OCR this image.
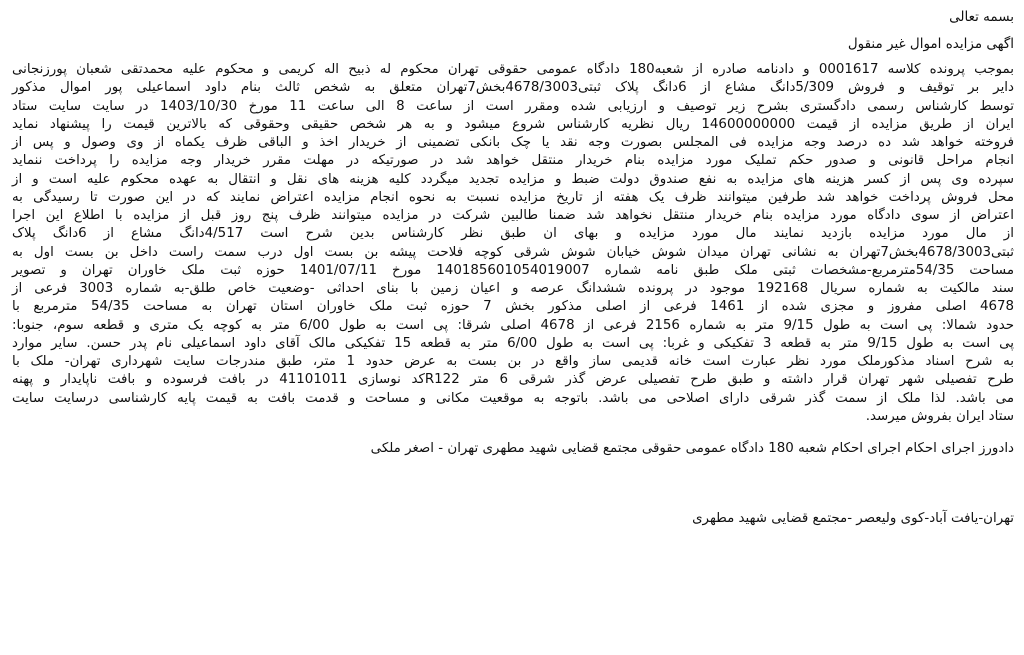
بسمه تعالی
اگهی مزایده اموال غیر منقول
بموجب پرونده کلاسه 0001617 و دادنامه صادره از شعبه180 دادگاه عمومی حقوقی تهران محکوم له ذبیح اله کریمی و محکوم علیه محمدتقی شعبان پورزنجانی
دایر بر توقیف و فروش 5/309دانگ مشاع از 6دانگ پلاک ثبتی4678/3003بخش7تهران متعلق به شخص ثالث بنام داود اسماعیلی پور اموال مذکور
توسط کارشناس رسمی دادگستری بشرح زیر توصیف و ارزیابی شده ومقرر است از ساعت 8 الی ساعت 11 مورخ 1403/10/30 در سایت سایت ستاد
ایران از طریق مزایده از قیمت 14600000000 ریال نظریه کارشناس شروع میشود و به هر شخص حقیقی وحقوقی که بالاترین قیمت را پیشنهاد نماید
فروخته خواهد شد ده درصد وجه مزایده فی المجلس بصورت وجه نقد یا چک بانکی تضمینی از خریدار اخذ و الباقی ظرف یکماه از وی وصول و پس از
انجام مراحل قانونی و صدور حکم تملیک مورد مزایده بنام خریدار منتقل خواهد شد در صورتیکه در مهلت مقرر خریدار وجه مزایده را پرداخت ننماید
سپرده وی پس از کسر هزینه های مزایده به نفع صندوق دولت ضبط و مزایده تجدید میگردد کلیه هزینه های نقل و انتقال به عهده محکوم علیه است و از
محل فروش پرداخت خواهد شد طرفین میتوانند ظرف یک هفته از تاریخ مزایده نسبت به نحوه انجام مزایده اعتراض نمایند که در این صورت تا رسیدگی به
اعتراض از سوی دادگاه مورد مزایده بنام خریدار منتقل نخواهد شد ضمنا طالبین شرکت در مزایده میتوانند ظرف پنج روز قبل از مزایده با اطلاع این اجرا
از مال مورد مزایده بازدید نمایند مال مورد مزایده و بهای ان طبق نظر کارشناس بدین شرح است 4/517دانگ مشاع از 6دانگ پلاک
ثبتی4678/3003بخش7تهران به نشانی تهران میدان شوش خیابان شوش شرقی کوچه فلاحت پیشه بن بست اول درب سمت راست داخل بن بست اول به
مساحت 54/35مترمربع-مشخصات ثبتی ملک طبق نامه شماره 140185601054019007 مورخ 1401/07/11 حوزه ثبت ملک خاوران تهران و تصویر
سند مالکیت به شماره سریال 192168 موجود در پرونده ششدانگ عرصه و اعیان زمین با بنای احداثی -وضعیت خاص طلق-به شماره 3003 فرعی از
4678 اصلی مفروز و مجزی شده از 1461 فرعی از اصلی مذکور بخش 7 حوزه ثبت ملک خاوران استان تهران به مساحت 54/35 مترمربع با
حدود شمالا: پی است به طول 9/15 متر به شماره 2156 فرعی از 4678 اصلی شرقا: پی است به طول 6/00 متر به کوچه یک متری و قطعه سوم، جنوبا:
پی است به طول 9/15 متر به قطعه 3 تفکیکی و غربا: پی است به طول 6/00 متر به قطعه 15 تفکیکی مالک آقای داود اسماعیلی نام پدر حسن. سایر موارد
به شرح اسناد مذکورملک مورد نظر عبارت است خانه قدیمی ساز واقع در بن بست به عرض حدود 1 متر، طبق مندرجات سایت شهرداری تهران- ملک با
طرح تفصیلی شهر تهران قرار داشته و طبق طرح تفصیلی عرض گذر شرقی 6 متر R122کد نوسازی 41101011 در بافت فرسوده و بافت ناپایدار و پهنه
می باشد. لذا ملک از سمت گذر شرقی دارای اصلاحی می باشد. باتوجه به موقعیت مکانی و مساحت و قدمت بافت به قیمت پایه کارشناسی درسایت سایت
ستاد ایران بفروش میرسد.
دادورز اجرای احکام اجرای احکام شعبه 180 دادگاه عمومی حقوقی مجتمع قضایی شهید مطهری تهران - اصغر ملکی
تهران-یافت آباد-کوی ولیعصر -مجتمع قضایی شهید مطهری
